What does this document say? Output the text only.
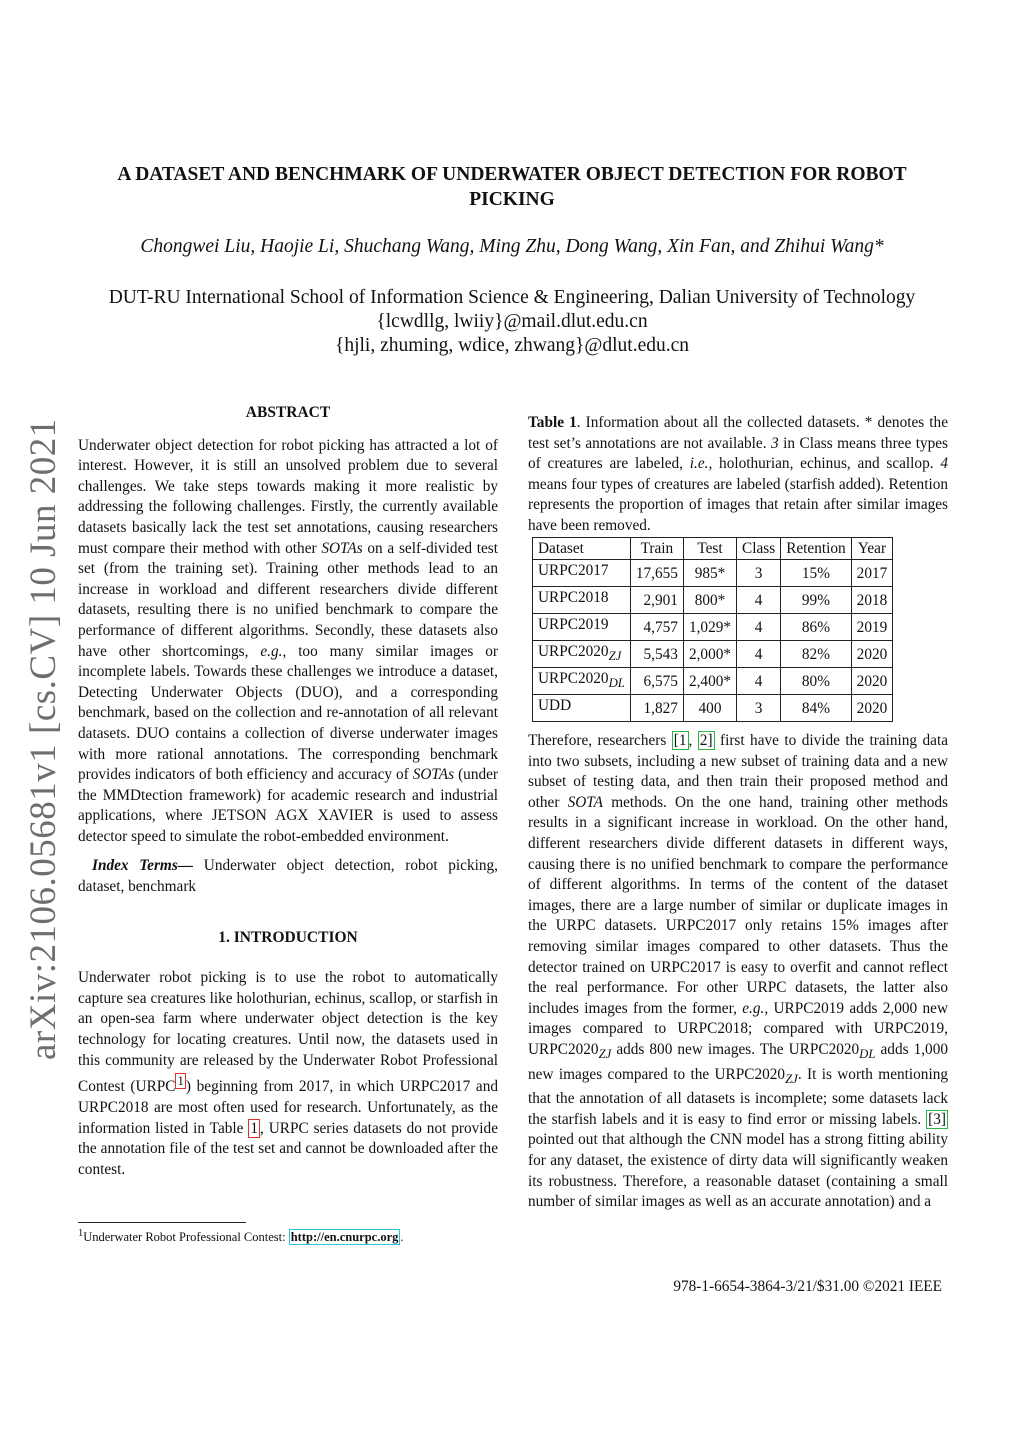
arXiv:2106.05681v1 [cs.CV] 10 Jun 2021
A DATASET AND BENCHMARK OF UNDERWATER OBJECT DETECTION FOR ROBOT
PICKING
Chongwei Liu, Haojie Li, Shuchang Wang, Ming Zhu, Dong Wang, Xin Fan, and Zhihui Wang*
DUT-RU International School of Information Science & Engineering, Dalian University of Technology
{lcwdllg, lwiiy}@mail.dlut.edu.cn
{hjli, zhuming, wdice, zhwang}@dlut.edu.cn
ABSTRACT

Underwater object detection for robot picking has attracted a lot of interest. However, it is still an unsolved problem due to several challenges. We take steps towards making it more realistic by addressing the following challenges. Firstly, the currently available datasets basically lack the test set annotations, causing researchers must compare their method with other SOTAs on a self-divided test set (from the training set). Training other methods lead to an increase in workload and different researchers divide different datasets, resulting there is no unified benchmark to compare the performance of different algorithms. Secondly, these datasets also have other shortcomings, e.g., too many similar images or incomplete labels. Towards these challenges we introduce a dataset, Detecting Underwater Objects (DUO), and a corresponding benchmark, based on the collection and re-annotation of all relevant datasets. DUO contains a collection of diverse underwater images with more rational annotations. The corresponding benchmark provides indicators of both efficiency and accuracy of SOTAs (under the MMDtection framework) for academic research and industrial applications, where JETSON AGX XAVIER is used to assess detector speed to simulate the robot-embedded environment.

Index Terms— Underwater object detection, robot picking, dataset, benchmark

1. INTRODUCTION

Underwater robot picking is to use the robot to automatically capture sea creatures like holothurian, echinus, scallop, or starfish in an open-sea farm where underwater object detection is the key technology for locating creatures. Until now, the datasets used in this community are released by the Underwater Robot Professional Contest (URPC $^1$ ) beginning from 2017, in which URPC2017 and URPC2018 are most often used for research. Unfortunately, as the information listed in Table 1 , URPC series datasets do not provide the annotation file of the test set and cannot be downloaded after the contest.

$^1$Underwater Robot Professional Contest: http://en.cnurpc.org .

Table 1. Information about all the collected datasets. * denotes the test set’s annotations are not available. 3 in Class means three types of creatures are labeled, i.e., holothurian, echinus, and scallop. 4 means four types of creatures are labeled (starfish added). Retention represents the proportion of images that retain after similar images have been removed.

Dataset	Train	Test	Class	Retention	Year
URPC2017	17,655	985*	3	15%	2017
URPC2018	2,901	800*	4	99%	2018
URPC2019	4,757	1,029*	4	86%	2019
$URPC2020_{ZJ}$	5,543	2,000*	4	82%	2020
$URPC2020_{DL}$	6,575	2,400*	4	80%	2020
UDD	1,827	400	3	84%	2020

Therefore, researchers [1 , 2] first have to divide the training data into two subsets, including a new subset of training data and a new subset of testing data, and then train their proposed method and other SOTA methods. On the one hand, training other methods results in a significant increase in workload. On the other hand, different researchers divide different datasets in different ways, causing there is no unified benchmark to compare the performance of different algorithms. In terms of the content of the dataset images, there are a large number of similar or duplicate images in the URPC datasets. URPC2017 only retains 15% images after removing similar images compared to other datasets. Thus the detector trained on URPC2017 is easy to overfit and cannot reflect the real performance. For other URPC datasets, the latter also includes images from the former, e.g., URPC2019 adds 2,000 new images compared to URPC2018; compared with URPC2019, $URPC2020_{ZJ}$ adds 800 new images. The $URPC2020_{DL}$ adds 1,000 new images compared to the $URPC2020_{ZJ}$. It is worth mentioning that the annotation of all datasets is incomplete; some datasets lack the starfish labels and it is easy to find error or missing labels. [3] pointed out that although the CNN model has a strong fitting ability for any dataset, the existence of dirty data will significantly weaken its robustness. Therefore, a reasonable dataset (containing a small number of similar images as well as an accurate annotation) and a

978-1-6654-3864-3/21/$31.00 ©2021 IEEE
